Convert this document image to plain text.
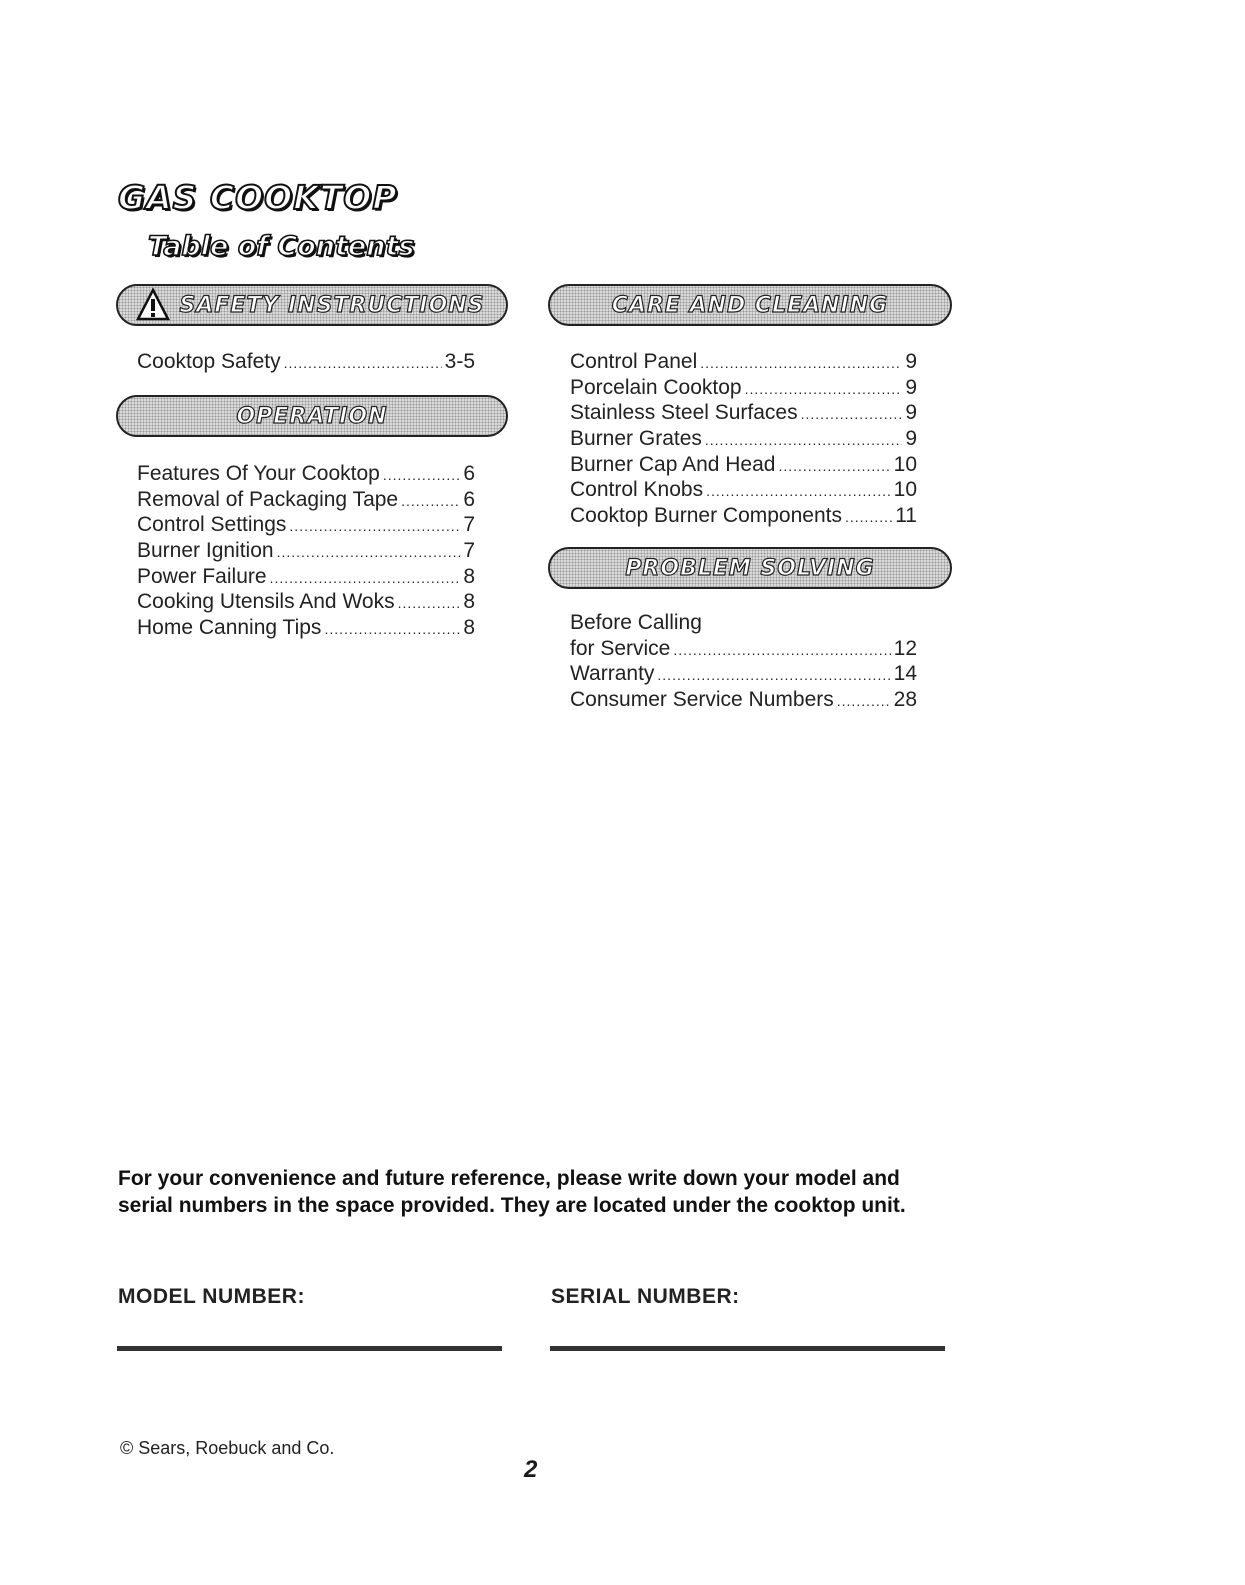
GAS COOKTOP
Table of Contents
SAFETY INSTRUCTIONS
Cooktop Safety .....	3-5
OPERATION
Features Of Your Cooktop .....	6
Removal of Packaging Tape .....	6
Control Settings .....	7
Burner Ignition .....	7
Power Failure .....	8
Cooking Utensils And Woks .....	8
Home Canning Tips .....	8
CARE AND CLEANING
Control Panel .....	9
Porcelain Cooktop .....	9
Stainless Steel Surfaces .....	9
Burner Grates .....	9
Burner Cap And Head .....	10
Control Knobs .....	10
Cooktop Burner Components .....	11
PROBLEM SOLVING
Before Calling
for Service .....	12
Warranty .....	14
Consumer Service Numbers .....	28

For your convenience and future reference, please write down your model and serial numbers in the space provided. They are located under the cooktop unit.

MODEL NUMBER:	SERIAL NUMBER:

© Sears, Roebuck and Co.

2
